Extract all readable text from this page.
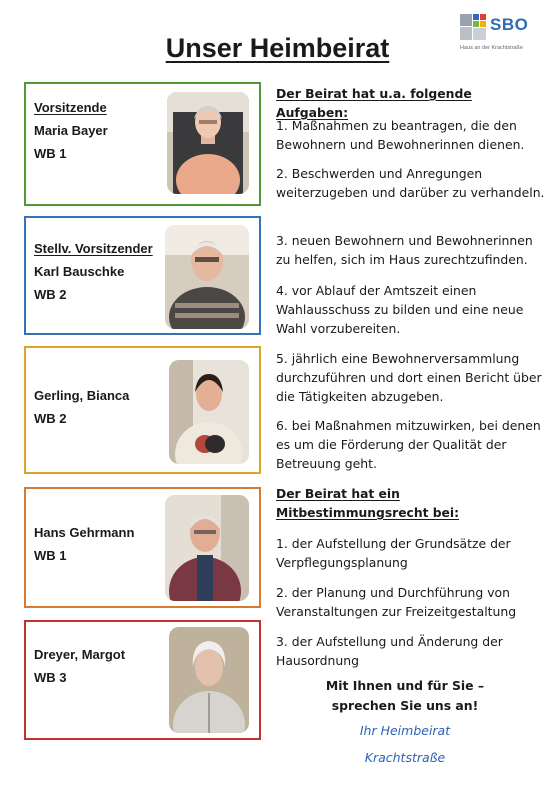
SBO
Haus an der Krachtstraße
Unser Heimbeirat
Vorsitzende
Maria Bayer
WB 1
Stellv. Vorsitzender
Karl Bauschke
WB 2
Gerling, Bianca
WB 2
Hans Gehrmann
WB 1
Dreyer, Margot
WB 3
Der Beirat hat u.a. folgende Aufgaben:
1. Maßnahmen zu beantragen, die den Bewohnern und Bewohnerinnen dienen.
2. Beschwerden und Anregungen weiterzugeben und darüber zu verhandeln.
3. neuen Bewohnern und Bewohnerinnen zu helfen, sich im Haus zurechtzufinden.
4. vor Ablauf der Amtszeit einen Wahlausschuss zu bilden und eine neue Wahl vorzubereiten.
5. jährlich eine Bewohnerversammlung durchzuführen und dort einen Bericht über die Tätigkeiten abzugeben.
6. bei Maßnahmen mitzuwirken, bei denen es um die Förderung der Qualität der Betreuung geht.
Der Beirat hat ein Mitbestimmungsrecht bei:
1. der Aufstellung der Grundsätze der Verpflegungsplanung
2. der Planung und Durchführung von Veranstaltungen zur Freizeitgestaltung
3. der Aufstellung und Änderung der Hausordnung
Mit Ihnen und für Sie –
sprechen Sie uns an!
Ihr Heimbeirat
Krachtstraße
